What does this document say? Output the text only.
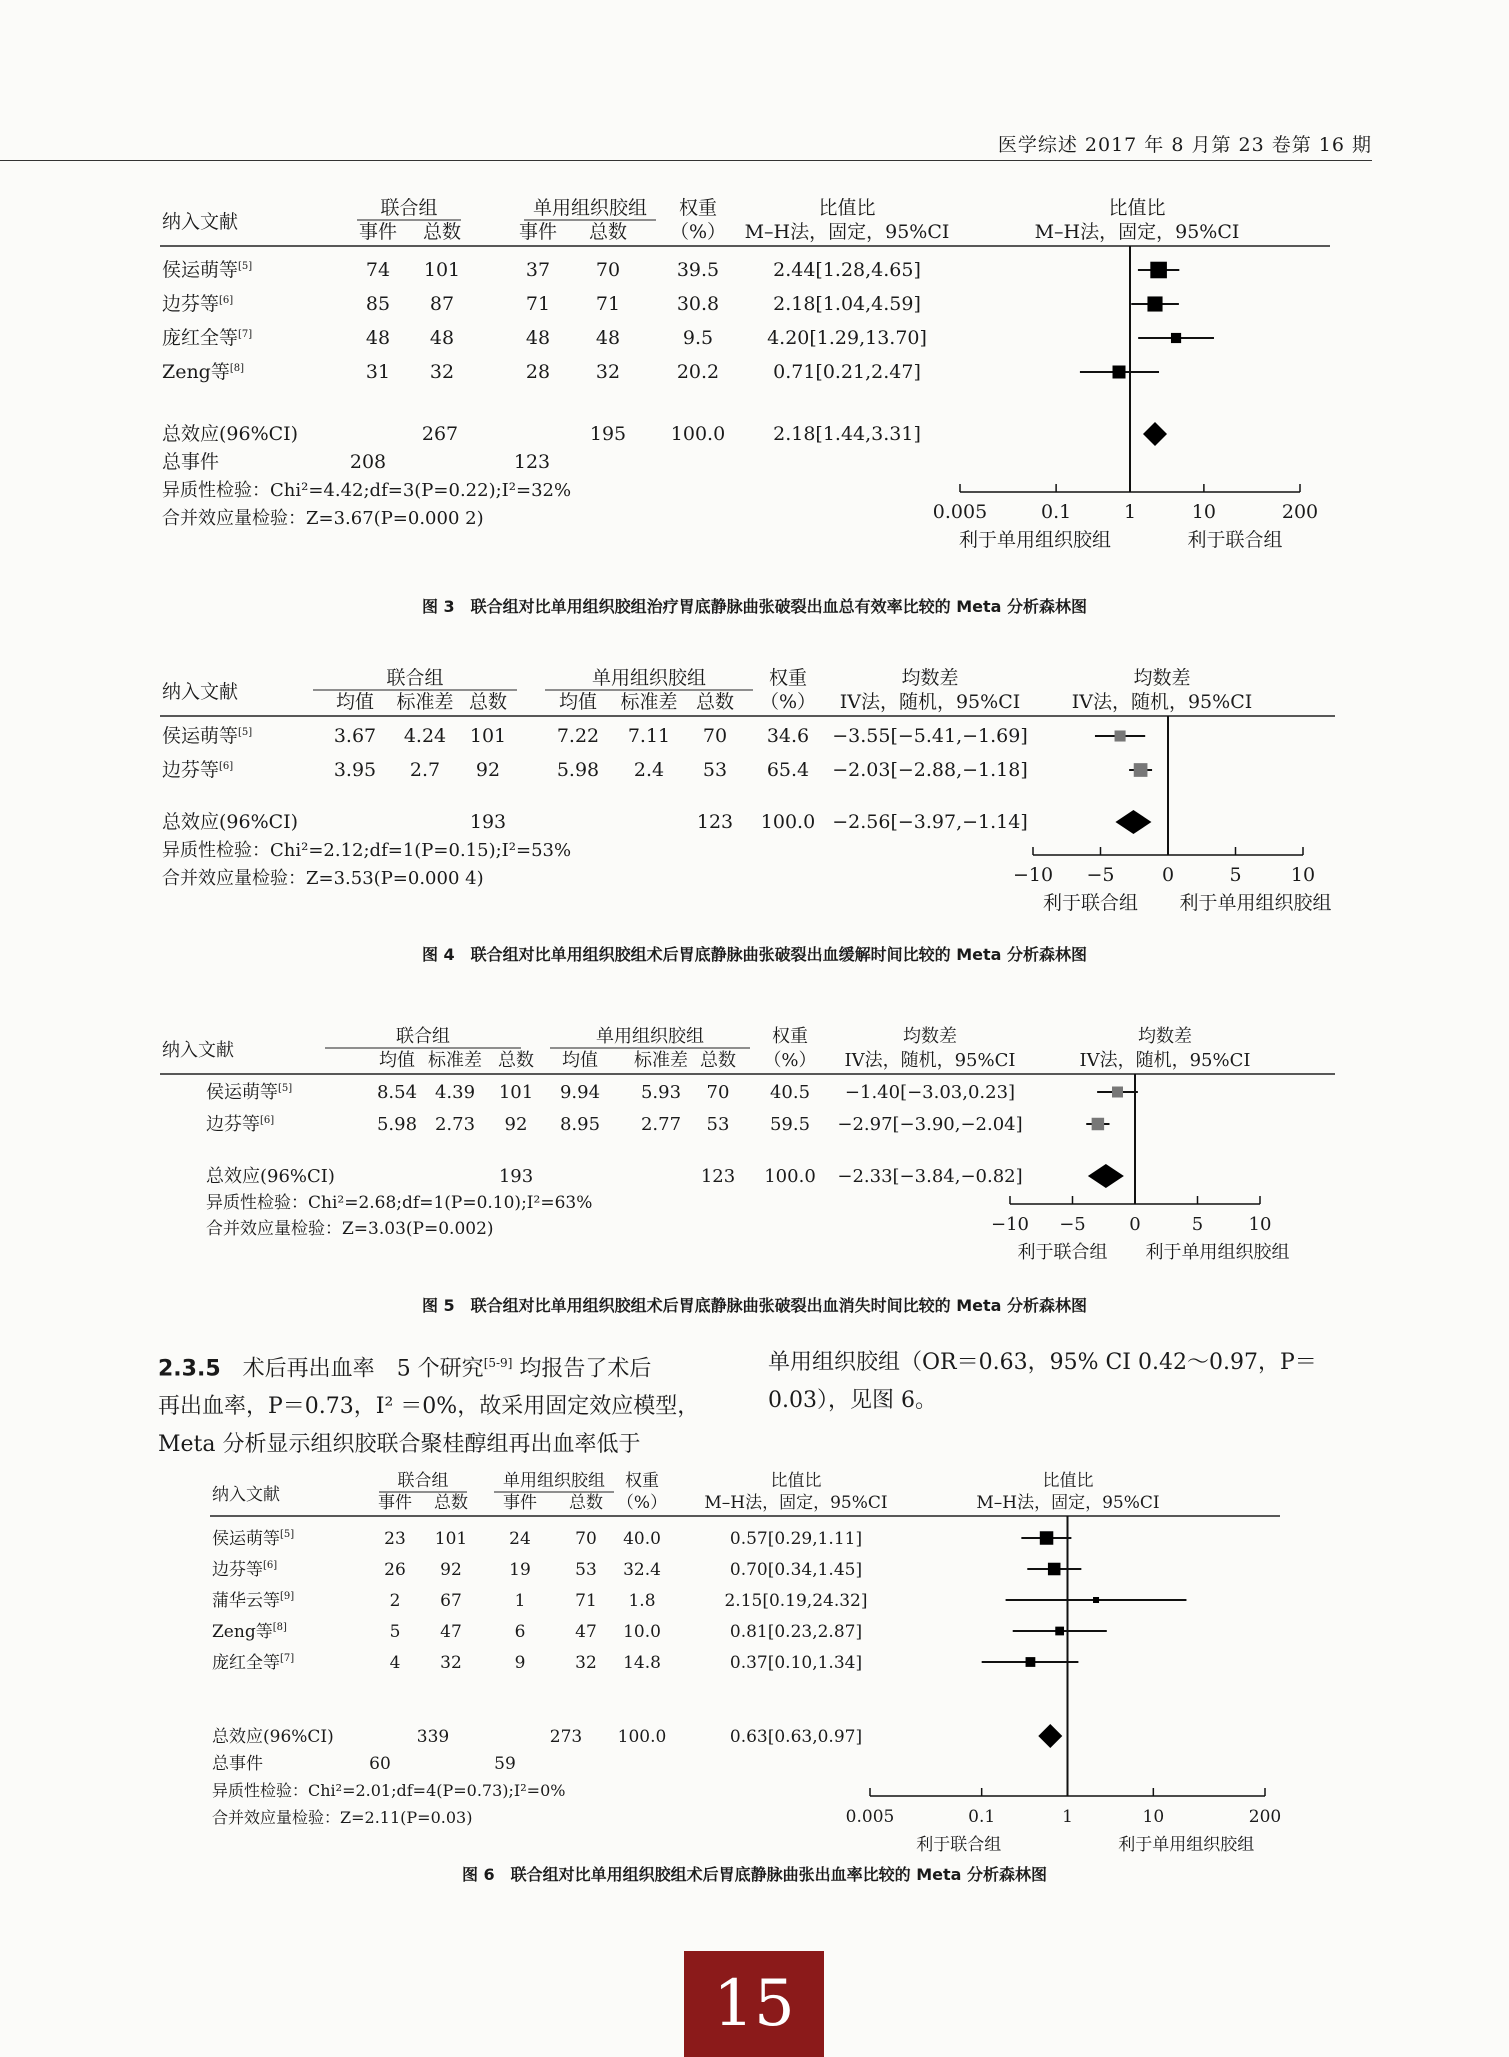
医学综述 2017 年 8 月第 23 卷第 16 期
纳入文献
联合组	单用组织胶组
事件 总数	事件 总数
权重
（%）
比值比
M–H法，固定，95%CI
比值比
M–H法，固定，95%CI
侯运萌等[5]	74 101	37 70	39.5	2.44[1.28,4.65]
边芬等[6]	85 87	71 71	30.8	2.18[1.04,4.59]
庞红全等[7]	48 48	48 48	9.5	4.20[1.29,13.70]
Zeng等[8]	31 32	28 32	20.2	0.71[0.21,2.47]
总效应(96%CI)	267	195 100.0	2.18[1.44,3.31]
总事件	208	123
异质性检验：Chi²=4.42;df=3(P=0.22);I²=32%
合并效应量检验：Z=3.67(P=0.000 2)	0.005	0.1	1	10	200
利于单用组织胶组	利于联合组
图 3　联合组对比单用组织胶组治疗胃底静脉曲张破裂出血总有效率比较的 Meta 分析森林图
纳入文献
联合组	单用组织胶组
均值 标准差 总数	均值 标准差 总数
权重
（%）
均数差
IV法，随机，95%CI
均数差
IV法，随机，95%CI
侯运萌等[5]	3.67 4.24 101	7.22 7.11 70 34.6 −3.55[−5.41,−1.69]
边芬等[6]	3.95 2.7 92	5.98 2.4 53 65.4 −2.03[−2.88,−1.18]
总效应(96%CI)	193	123 100.0 −2.56[−3.97,−1.14]
异质性检验：Chi²=2.12;df=1(P=0.15);I²=53%
合并效应量检验：Z=3.53(P=0.000 4)	−10 −5 0	5	10
利于联合组 利于单用组织胶组
图 4　联合组对比单用组织胶组术后胃底静脉曲张破裂出血缓解时间比较的 Meta 分析森林图
纳入文献
联合组	单用组织胶组
均值 标准差 总数 均值 标准差 总数
权重
（%）
均数差
IV法，随机，95%CI
均数差
IV法，随机，95%CI
侯运萌等[5]	8.54 4.39 101 9.94 5.93 70 40.5 −1.40[−3.03,0.23]
边芬等[6]	5.98 2.73 92 8.95 2.77 53 59.5 −2.97[−3.90,−2.04]
总效应(96%CI)	193	123 100.0 −2.33[−3.84,−0.82]
异质性检验：Chi²=2.68;df=1(P=0.10);I²=63%
合并效应量检验：Z=3.03(P=0.002)	−10 −5 0	5	10
利于联合组 利于单用组织胶组
图 5　联合组对比单用组织胶组术后胃底静脉曲张破裂出血消失时间比较的 Meta 分析森林图
2.3.5　 术后再出血率　 5 个研究[5-9] 均报告了术后
再出血率，P＝0.73，I² ＝0%，故采用固定效应模型，
Meta 分析显示组织胶联合聚桂醇组再出血率低于
单用组织胶组（OR＝0.63，95% CI 0.42～0.97，P＝
0.03），见图 6。
纳入文献
联合组	单用组织胶组
事件 总数 事件 总数
权重
（%）
比值比
M–H法，固定，95%CI
比值比
M–H法，固定，95%CI
侯运萌等[5]	23 101 24	70 40.0	0.57[0.29,1.11]
边芬等[6]	26 92	19	53 32.4	0.70[0.34,1.45]
蒲华云等[9]	2 67	1	71 1.8	2.15[0.19,24.32]
Zeng等[8]	5 47	6	47 10.0	0.81[0.23,2.87]
庞红全等[7]	4 32	9	32 14.8	0.37[0.10,1.34]
总效应(96%CI)	339	273 100.0	0.63[0.63,0.97]
总事件	60	59
异质性检验：Chi²=2.01;df=4(P=0.73);I²=0%
合并效应量检验：Z=2.11(P=0.03)	0.005	0.1	1	10	200
利于联合组	利于单用组织胶组
图 6　联合组对比单用组织胶组术后胃底静脉曲张出血率比较的 Meta 分析森林图
15
